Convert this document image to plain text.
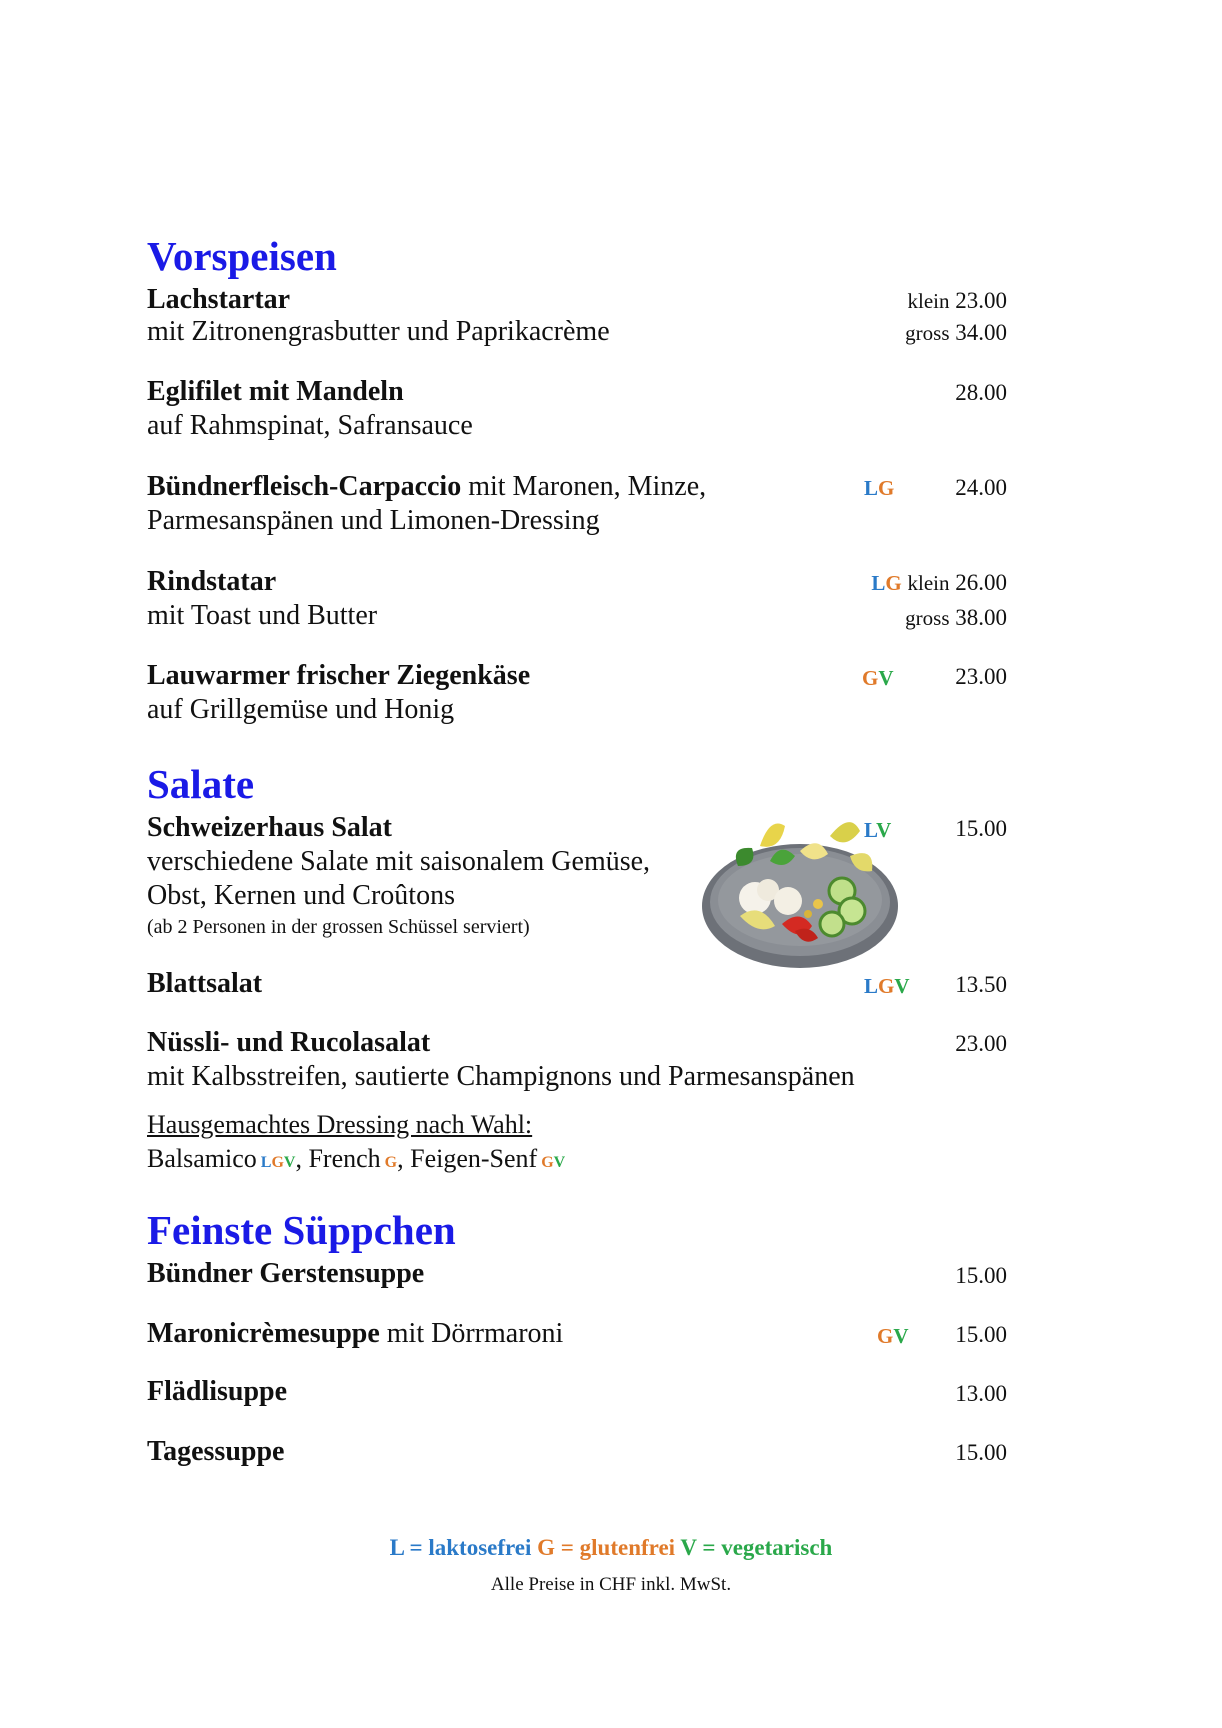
Vorspeisen
Lachstartar
mit Zitronengrasbutter und Paprikacrème
klein 23.00
gross 34.00
Eglifilet mit Mandeln
auf Rahmspinat, Safransauce
28.00
Bündnerfleisch-Carpaccio mit Maronen, Minze,
Parmesanspänen und Limonen-Dressing
LG	24.00
Rindstatar
mit Toast und Butter
LG klein 26.00
gross 38.00
Lauwarmer frischer Ziegenkäse
auf Grillgemüse und Honig
GV	23.00
Salate
Schweizerhaus Salat
verschiedene Salate mit saisonalem Gemüse,
Obst, Kernen und Croûtons
(ab 2 Personen in der grossen Schüssel serviert)
LV	15.00
Blattsalat	LGV 13.50
Nüssli- und Rucolasalat
mit Kalbsstreifen, sautierte Champignons und Parmesanspänen
23.00
Hausgemachtes Dressing nach Wahl:
Balsamico LGV, French G, Feigen-Senf GV
Feinste Süppchen
Bündner Gerstensuppe	15.00
Maronicrèmesuppe mit Dörrmaroni	GV 15.00
Flädlisuppe	13.00
Tagessuppe	15.00
L = laktosefrei G = glutenfrei V = vegetarisch
Alle Preise in CHF inkl. MwSt.
